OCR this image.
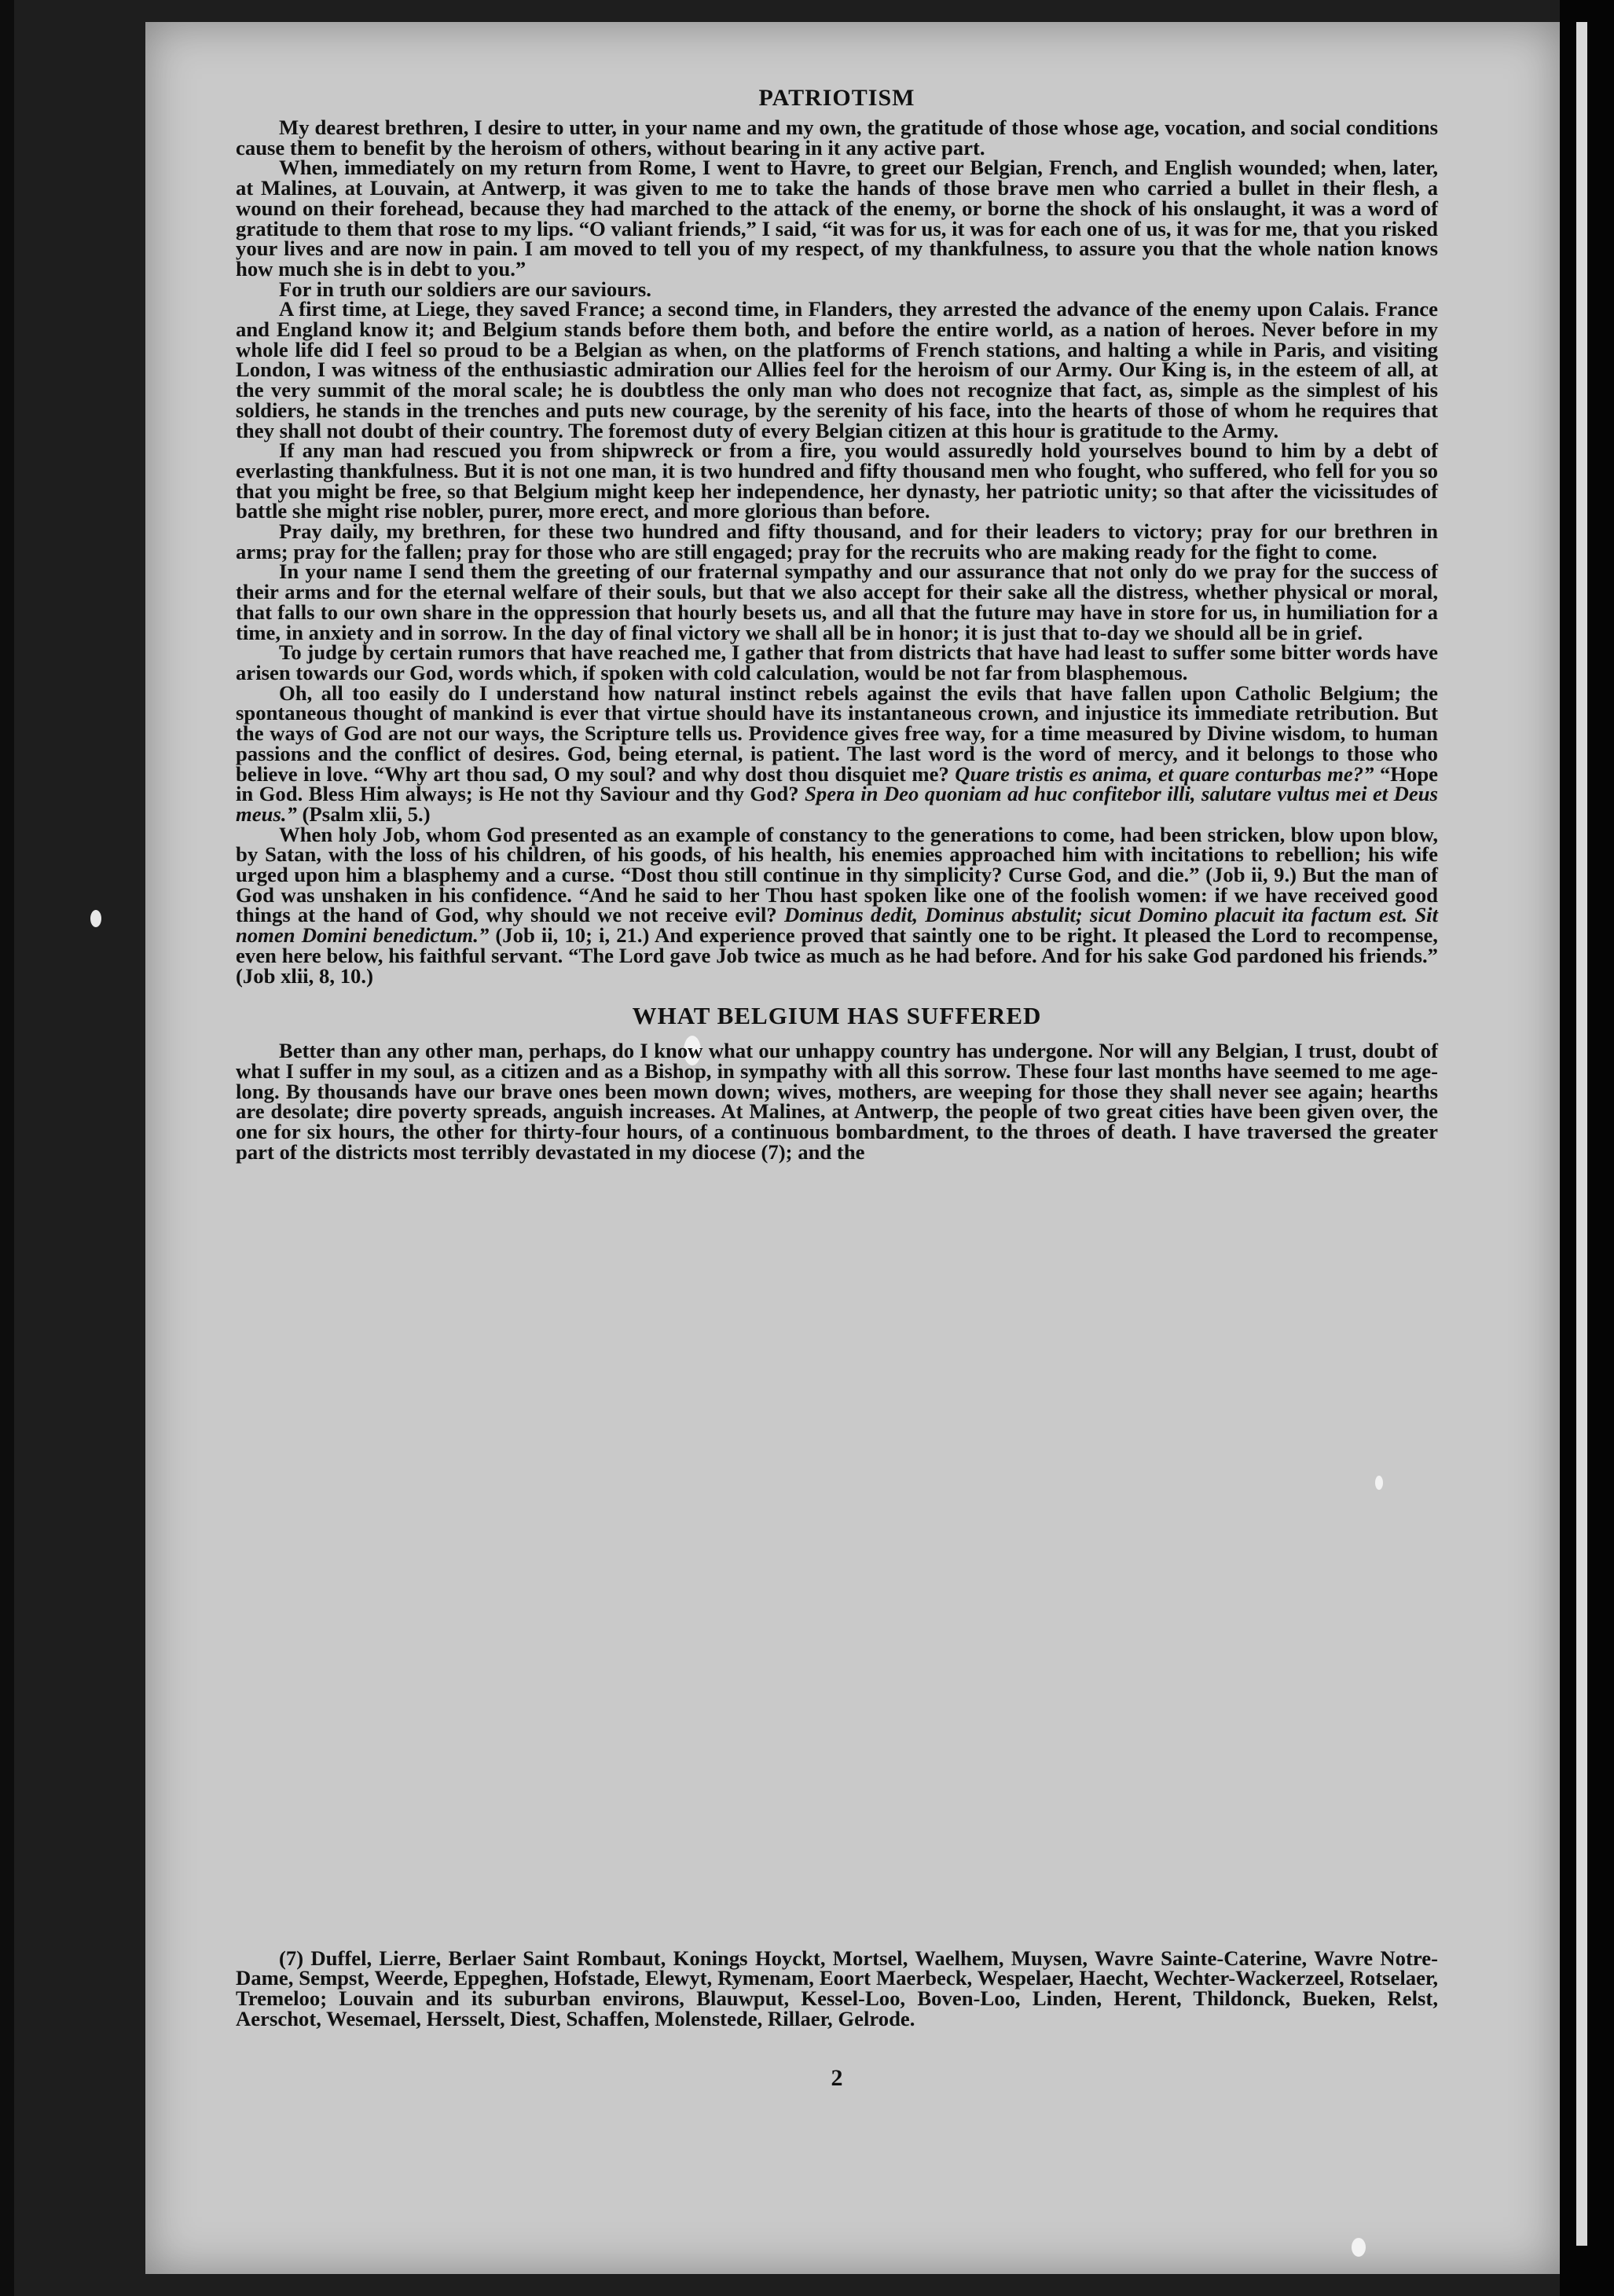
PATRIOTISM

My dearest brethren, I desire to utter, in your name and my own, the gratitude of those whose age, vocation, and social conditions cause them to benefit by the heroism of others, without bearing in it any active part.

When, immediately on my return from Rome, I went to Havre, to greet our Belgian, French, and English wounded; when, later, at Malines, at Louvain, at Antwerp, it was given to me to take the hands of those brave men who carried a bullet in their flesh, a wound on their forehead, because they had marched to the attack of the enemy, or borne the shock of his onslaught, it was a word of gratitude to them that rose to my lips. “O valiant friends,” I said, “it was for us, it was for each one of us, it was for me, that you risked your lives and are now in pain. I am moved to tell you of my respect, of my thankfulness, to assure you that the whole nation knows how much she is in debt to you.”

For in truth our soldiers are our saviours.

A first time, at Liege, they saved France; a second time, in Flanders, they arrested the advance of the enemy upon Calais. France and England know it; and Belgium stands before them both, and before the entire world, as a nation of heroes. Never before in my whole life did I feel so proud to be a Belgian as when, on the platforms of French stations, and halting a while in Paris, and visiting London, I was witness of the enthusiastic admiration our Allies feel for the heroism of our Army. Our King is, in the esteem of all, at the very summit of the moral scale; he is doubtless the only man who does not recognize that fact, as, simple as the simplest of his soldiers, he stands in the trenches and puts new courage, by the serenity of his face, into the hearts of those of whom he requires that they shall not doubt of their country. The foremost duty of every Belgian citizen at this hour is gratitude to the Army.

If any man had rescued you from shipwreck or from a fire, you would assuredly hold yourselves bound to him by a debt of everlasting thankfulness. But it is not one man, it is two hundred and fifty thousand men who fought, who suffered, who fell for you so that you might be free, so that Belgium might keep her independence, her dynasty, her patriotic unity; so that after the vicissitudes of battle she might rise nobler, purer, more erect, and more glorious than before.

Pray daily, my brethren, for these two hundred and fifty thousand, and for their leaders to victory; pray for our brethren in arms; pray for the fallen; pray for those who are still engaged; pray for the recruits who are making ready for the fight to come.

In your name I send them the greeting of our fraternal sympathy and our assurance that not only do we pray for the success of their arms and for the eternal welfare of their souls, but that we also accept for their sake all the distress, whether physical or moral, that falls to our own share in the oppression that hourly besets us, and all that the future may have in store for us, in humiliation for a time, in anxiety and in sorrow. In the day of final victory we shall all be in honor; it is just that to-day we should all be in grief.

To judge by certain rumors that have reached me, I gather that from districts that have had least to suffer some bitter words have arisen towards our God, words which, if spoken with cold calculation, would be not far from blasphemous.

Oh, all too easily do I understand how natural instinct rebels against the evils that have fallen upon Catholic Belgium; the spontaneous thought of mankind is ever that virtue should have its instantaneous crown, and injustice its immediate retribution. But the ways of God are not our ways, the Scripture tells us. Providence gives free way, for a time measured by Divine wisdom, to human passions and the conflict of desires. God, being eternal, is patient. The last word is the word of mercy, and it belongs to those who believe in love. “Why art thou sad, O my soul? and why dost thou disquiet me? Quare tristis es anima, et quare conturbas me?” “Hope in God. Bless Him always; is He not thy Saviour and thy God? Spera in Deo quoniam ad huc confitebor illi, salutare vultus mei et Deus meus.” (Psalm xlii, 5.)

When holy Job, whom God presented as an example of constancy to the generations to come, had been stricken, blow upon blow, by Satan, with the loss of his children, of his goods, of his health, his enemies approached him with incitations to rebellion; his wife urged upon him a blasphemy and a curse. “Dost thou still continue in thy simplicity? Curse God, and die.” (Job ii, 9.) But the man of God was unshaken in his confidence. “And he said to her Thou hast spoken like one of the foolish women: if we have received good things at the hand of God, why should we not receive evil? Dominus dedit, Dominus abstulit; sicut Domino placuit ita factum est. Sit nomen Domini benedictum.” (Job ii, 10; i, 21.) And experience proved that saintly one to be right. It pleased the Lord to recompense, even here below, his faithful servant. “The Lord gave Job twice as much as he had before. And for his sake God pardoned his friends.” (Job xlii, 8, 10.)

WHAT BELGIUM HAS SUFFERED

Better than any other man, perhaps, do I know what our unhappy country has undergone. Nor will any Belgian, I trust, doubt of what I suffer in my soul, as a citizen and as a Bishop, in sympathy with all this sorrow. These four last months have seemed to me age-long. By thousands have our brave ones been mown down; wives, mothers, are weeping for those they shall never see again; hearths are desolate; dire poverty spreads, anguish increases. At Malines, at Antwerp, the people of two great cities have been given over, the one for six hours, the other for thirty-four hours, of a continuous bombardment, to the throes of death. I have traversed the greater part of the districts most terribly devastated in my diocese (7); and the

(7) Duffel, Lierre, Berlaer Saint Rombaut, Konings Hoyckt, Mortsel, Waelhem, Muysen, Wavre Sainte-Caterine, Wavre Notre-Dame, Sempst, Weerde, Eppeghen, Hofstade, Elewyt, Rymenam, Eoort Maerbeck, Wespelaer, Haecht, Wechter-Wackerzeel, Rotselaer, Tremeloo; Louvain and its suburban environs, Blauwput, Kessel-Loo, Boven-Loo, Linden, Herent, Thildonck, Bueken, Relst, Aerschot, Wesemael, Hersselt, Diest, Schaffen, Molenstede, Rillaer, Gelrode.

2
